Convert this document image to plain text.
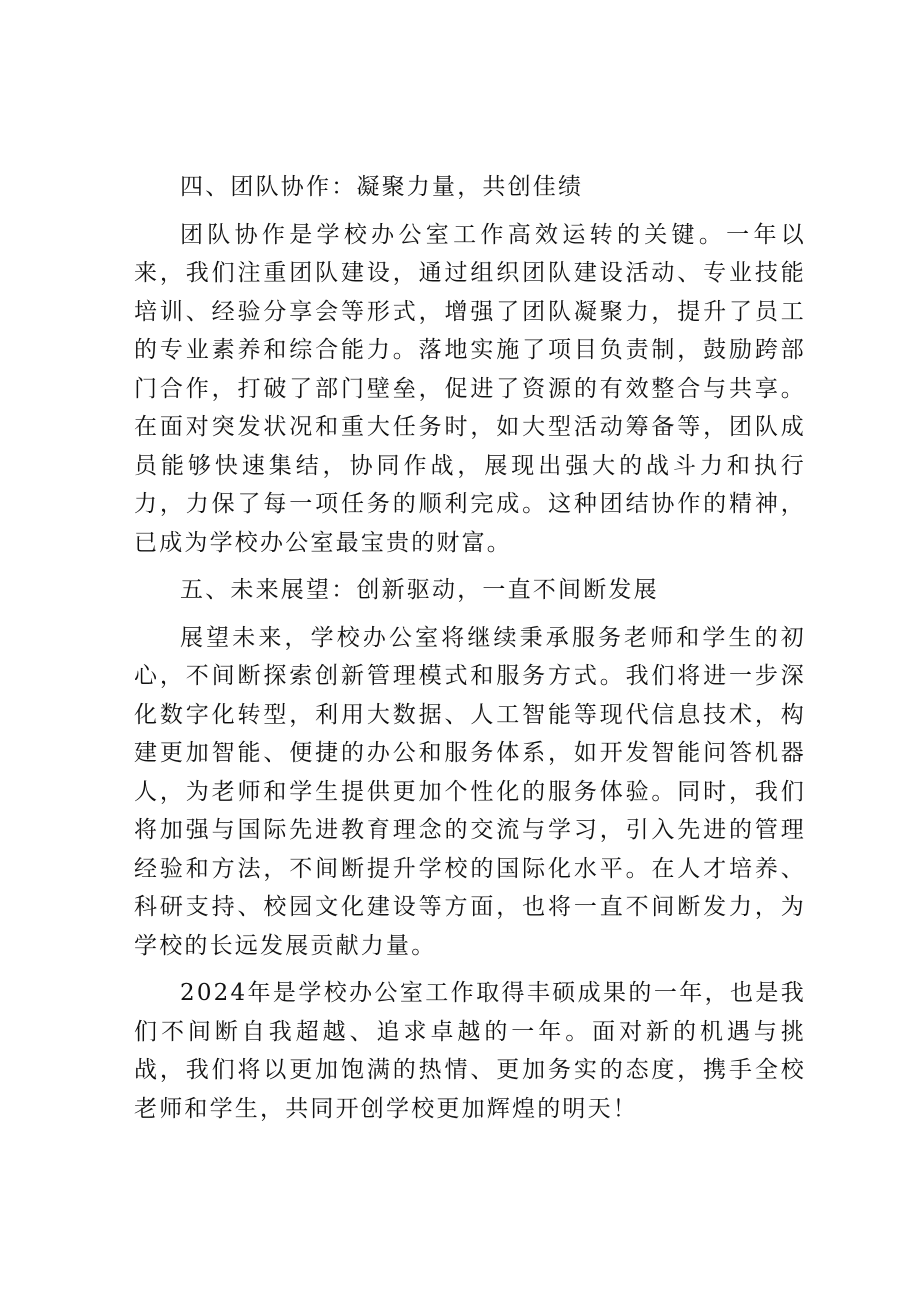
四、团队协作：凝聚力量，共创佳绩

团队协作是学校办公室工作高效运转的关键。一年以来，我们注重团队建设，通过组织团队建设活动、专业技能培训、经验分享会等形式，增强了团队凝聚力，提升了员工的专业素养和综合能力。落地实施了项目负责制，鼓励跨部门合作，打破了部门壁垒，促进了资源的有效整合与共享。在面对突发状况和重大任务时，如大型活动筹备等，团队成员能够快速集结，协同作战，展现出强大的战斗力和执行力，力保了每一项任务的顺利完成。这种团结协作的精神，已成为学校办公室最宝贵的财富。

五、未来展望：创新驱动，一直不间断发展

展望未来，学校办公室将继续秉承服务老师和学生的初心，不间断探索创新管理模式和服务方式。我们将进一步深化数字化转型，利用大数据、人工智能等现代信息技术，构建更加智能、便捷的办公和服务体系，如开发智能问答机器人，为老师和学生提供更加个性化的服务体验。同时，我们将加强与国际先进教育理念的交流与学习，引入先进的管理经验和方法，不间断提升学校的国际化水平。在人才培养、科研支持、校园文化建设等方面，也将一直不间断发力，为学校的长远发展贡献力量。

2024年是学校办公室工作取得丰硕成果的一年，也是我们不间断自我超越、追求卓越的一年。面对新的机遇与挑战，我们将以更加饱满的热情、更加务实的态度，携手全校老师和学生，共同开创学校更加辉煌的明天！
